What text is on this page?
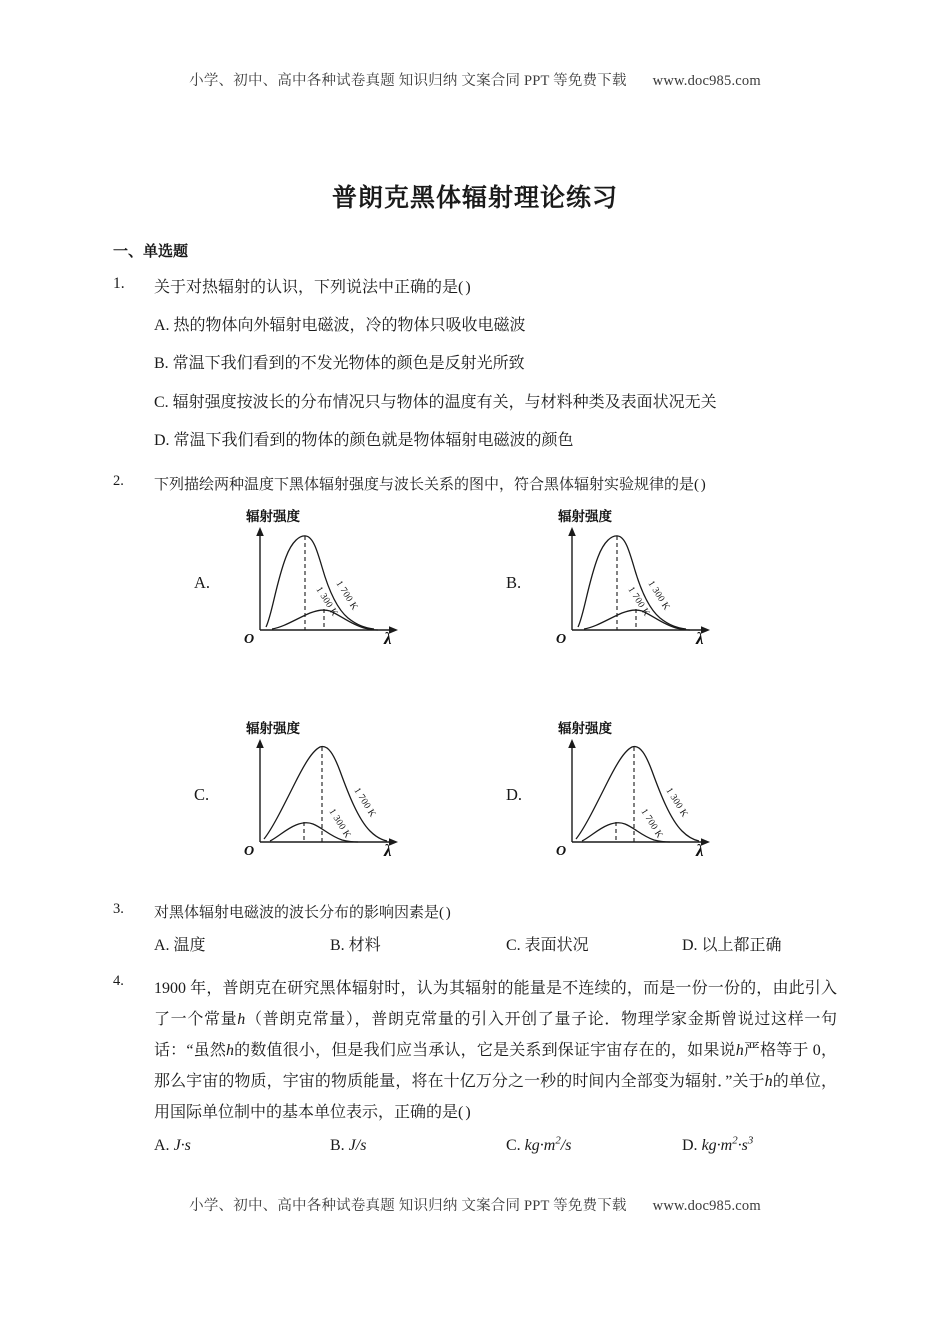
小学、初中、高中各种试卷真题 知识归纳 文案合同 PPT 等免费下载 www.doc985.com
普朗克黑体辐射理论练习
一、单选题
1.	关于对热辐射的认识，下列说法中正确的是 ( )
A. 热的物体向外辐射电磁波，冷的物体只吸收电磁波
B. 常温下我们看到的不发光物体的颜色是反射光所致
C. 辐射强度按波长的分布情况只与物体的温度有关，与材料种类及表面状况无关
D. 常温下我们看到的物体的颜色就是物体辐射电磁波的颜色
2.	下列描绘两种温度下黑体辐射强度与波长关系的图中，符合黑体辐射实验规律的是 ( )
A.
辐射强度
O	λ
1 700 K
1 300 K
B.
辐射强度
O	λ
1 300 K
1 700 K
C.
辐射强度
O	λ
1 700 K
1 300 K
D.
辐射强度
O	λ
1 300 K
1 700 K
3.	对黑体辐射电磁波的波长分布的影响因素是 ( )
A. 温度	B. 材料	C. 表面状况	D. 以上都正确
4.	1900 年，普朗克在研究黑体辐射时，认为其辐射的能量是不连续的，而是一份一份的，由此引入了一个常量h（普朗克常量），普朗克常量的引入开创了量子论．物理学家金斯曾说过这样一句话：“虽然h的数值很小，但是我们应当承认，它是关系到保证宇宙存在的，如果说h严格等于 0，那么宇宙的物质，宇宙的物质能量，将在十亿万分之一秒的时间内全部变为辐射．”关于h的单位，用国际单位制中的基本单位表示，正确的是 ( )
A. J·s	B. J/s	C. $kg\cdot m^2/s$	D. $kg\cdot m^2\cdot s^3$
小学、初中、高中各种试卷真题 知识归纳 文案合同 PPT 等免费下载 www.doc985.com
